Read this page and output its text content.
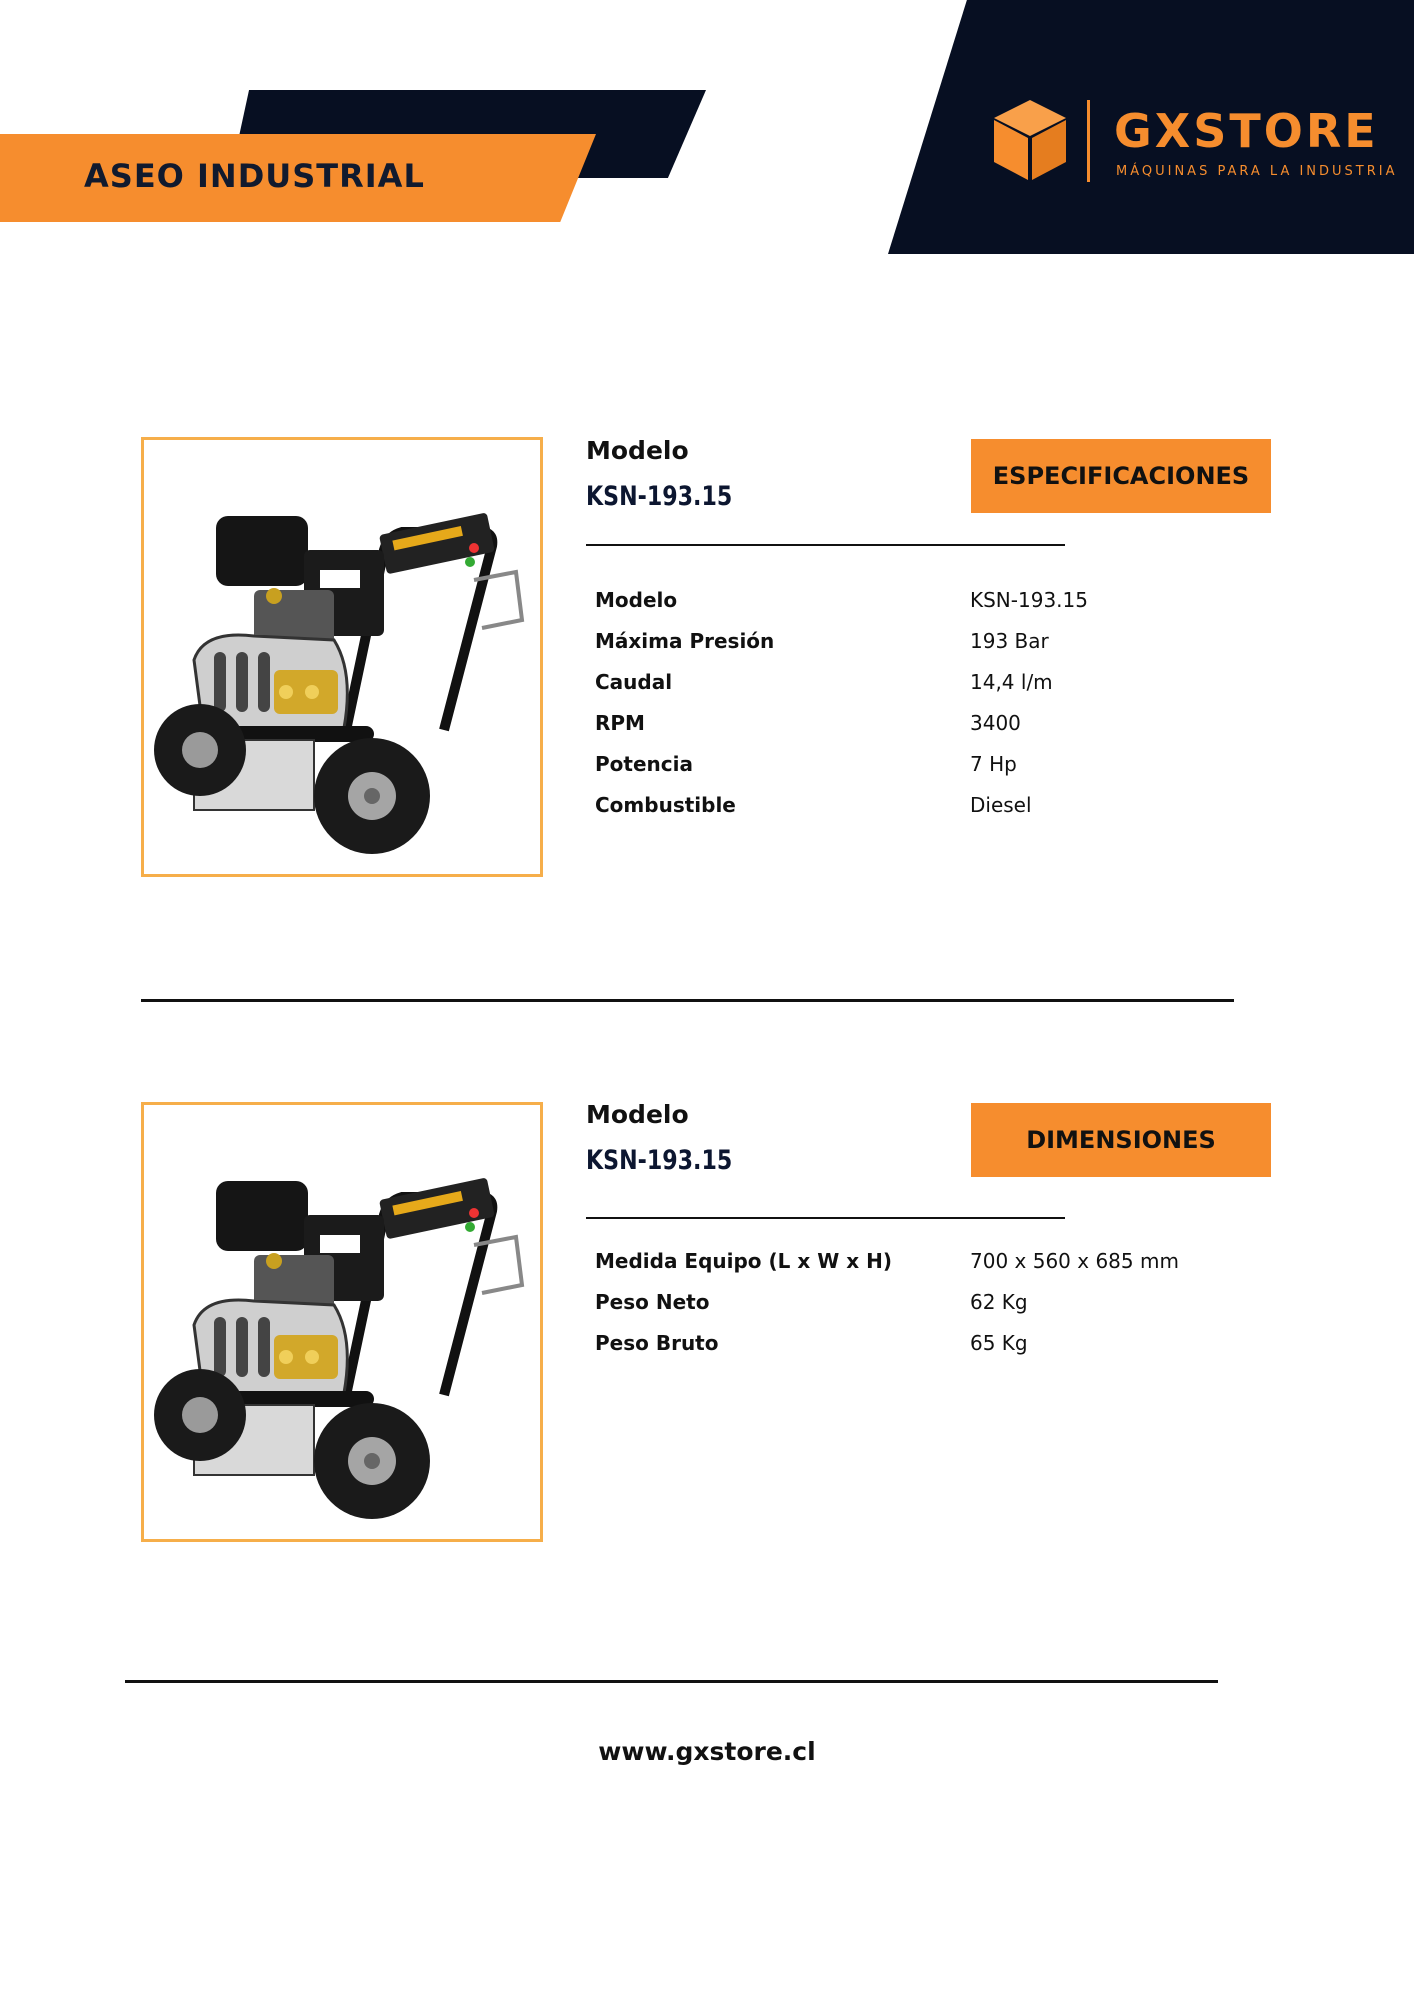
ASEO INDUSTRIAL
GXSTORE
MÁQUINAS PARA LA INDUSTRIA
Modelo
KSN-193.15
ESPECIFICACIONES
Modelo	KSN-193.15
Máxima Presión	193 Bar
Caudal	14,4 l/m
RPM	3400
Potencia	7 Hp
Combustible	Diesel
Modelo
KSN-193.15
DIMENSIONES
Medida Equipo (L x W x H)	700 x 560 x 685 mm
Peso Neto	62 Kg
Peso Bruto	65 Kg
www.gxstore.cl
